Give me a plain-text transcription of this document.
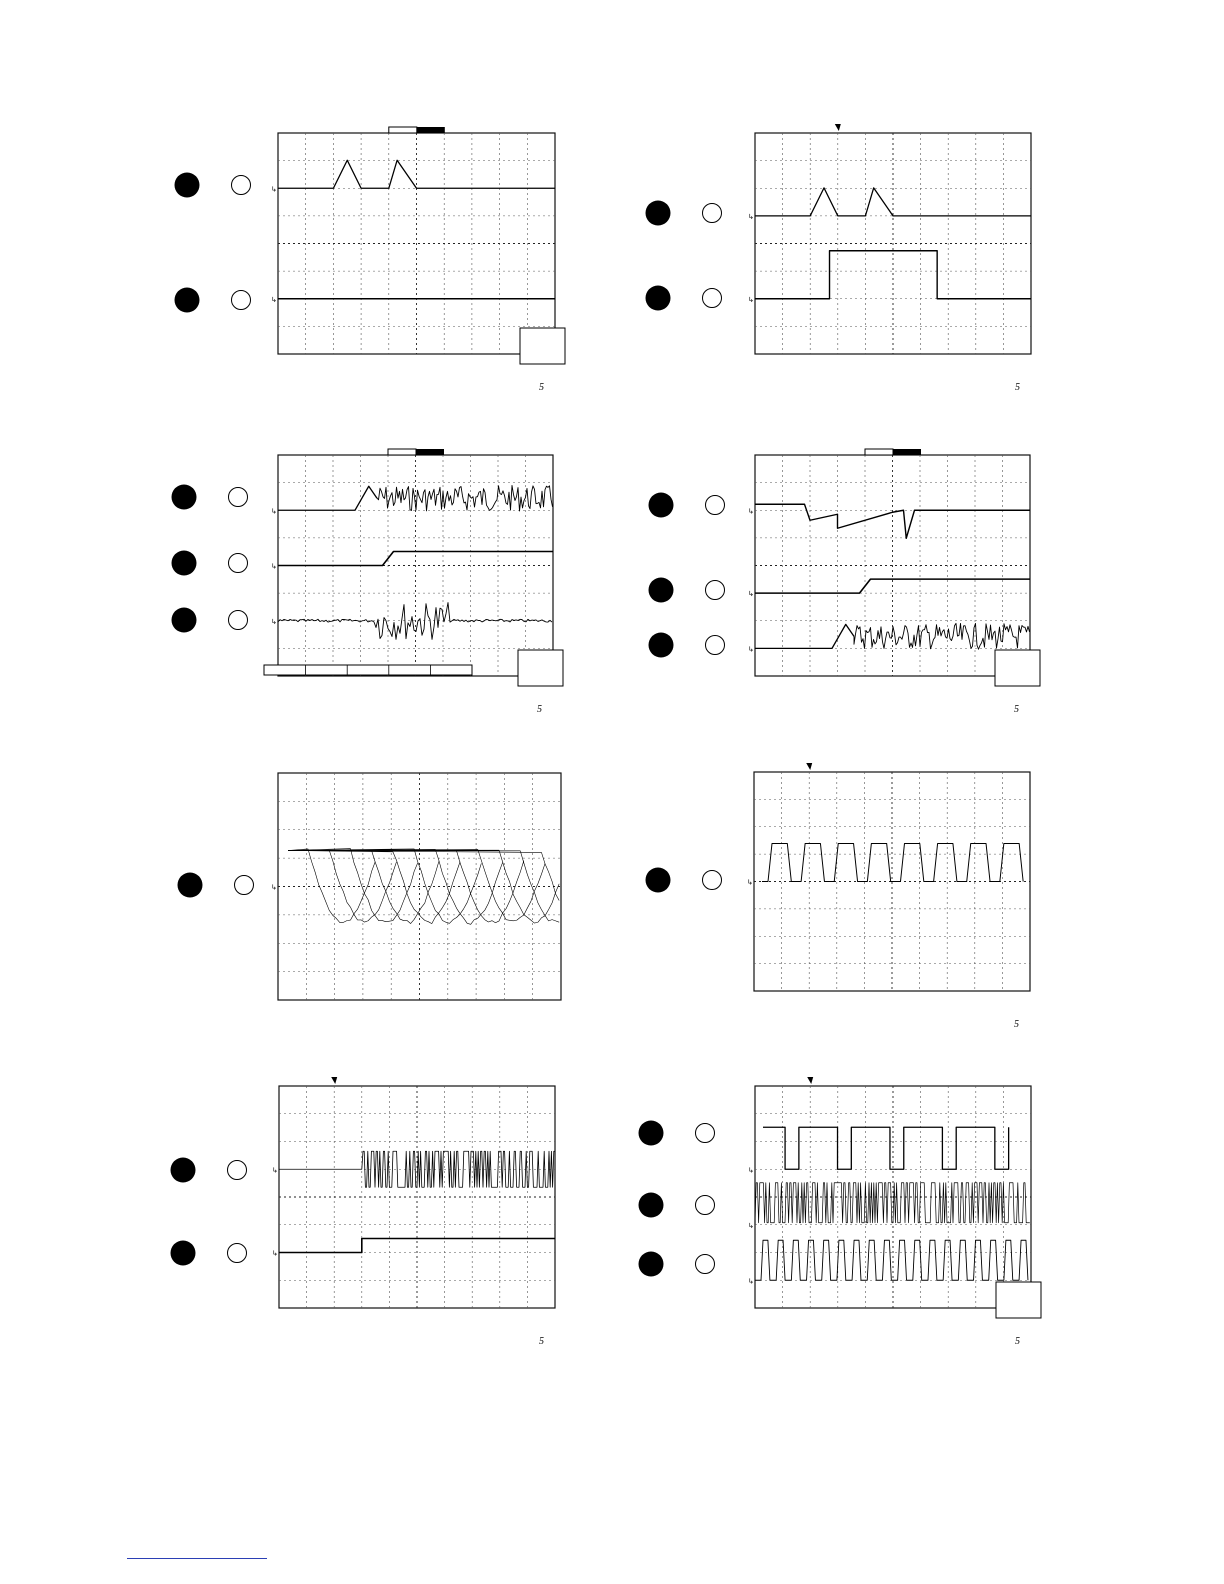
↳
↳
5
↳
↳
5
↳
↳
↳
5
↳
↳
↳
5
↳
↳
5
↳
↳
5
↳
↳
↳
5
